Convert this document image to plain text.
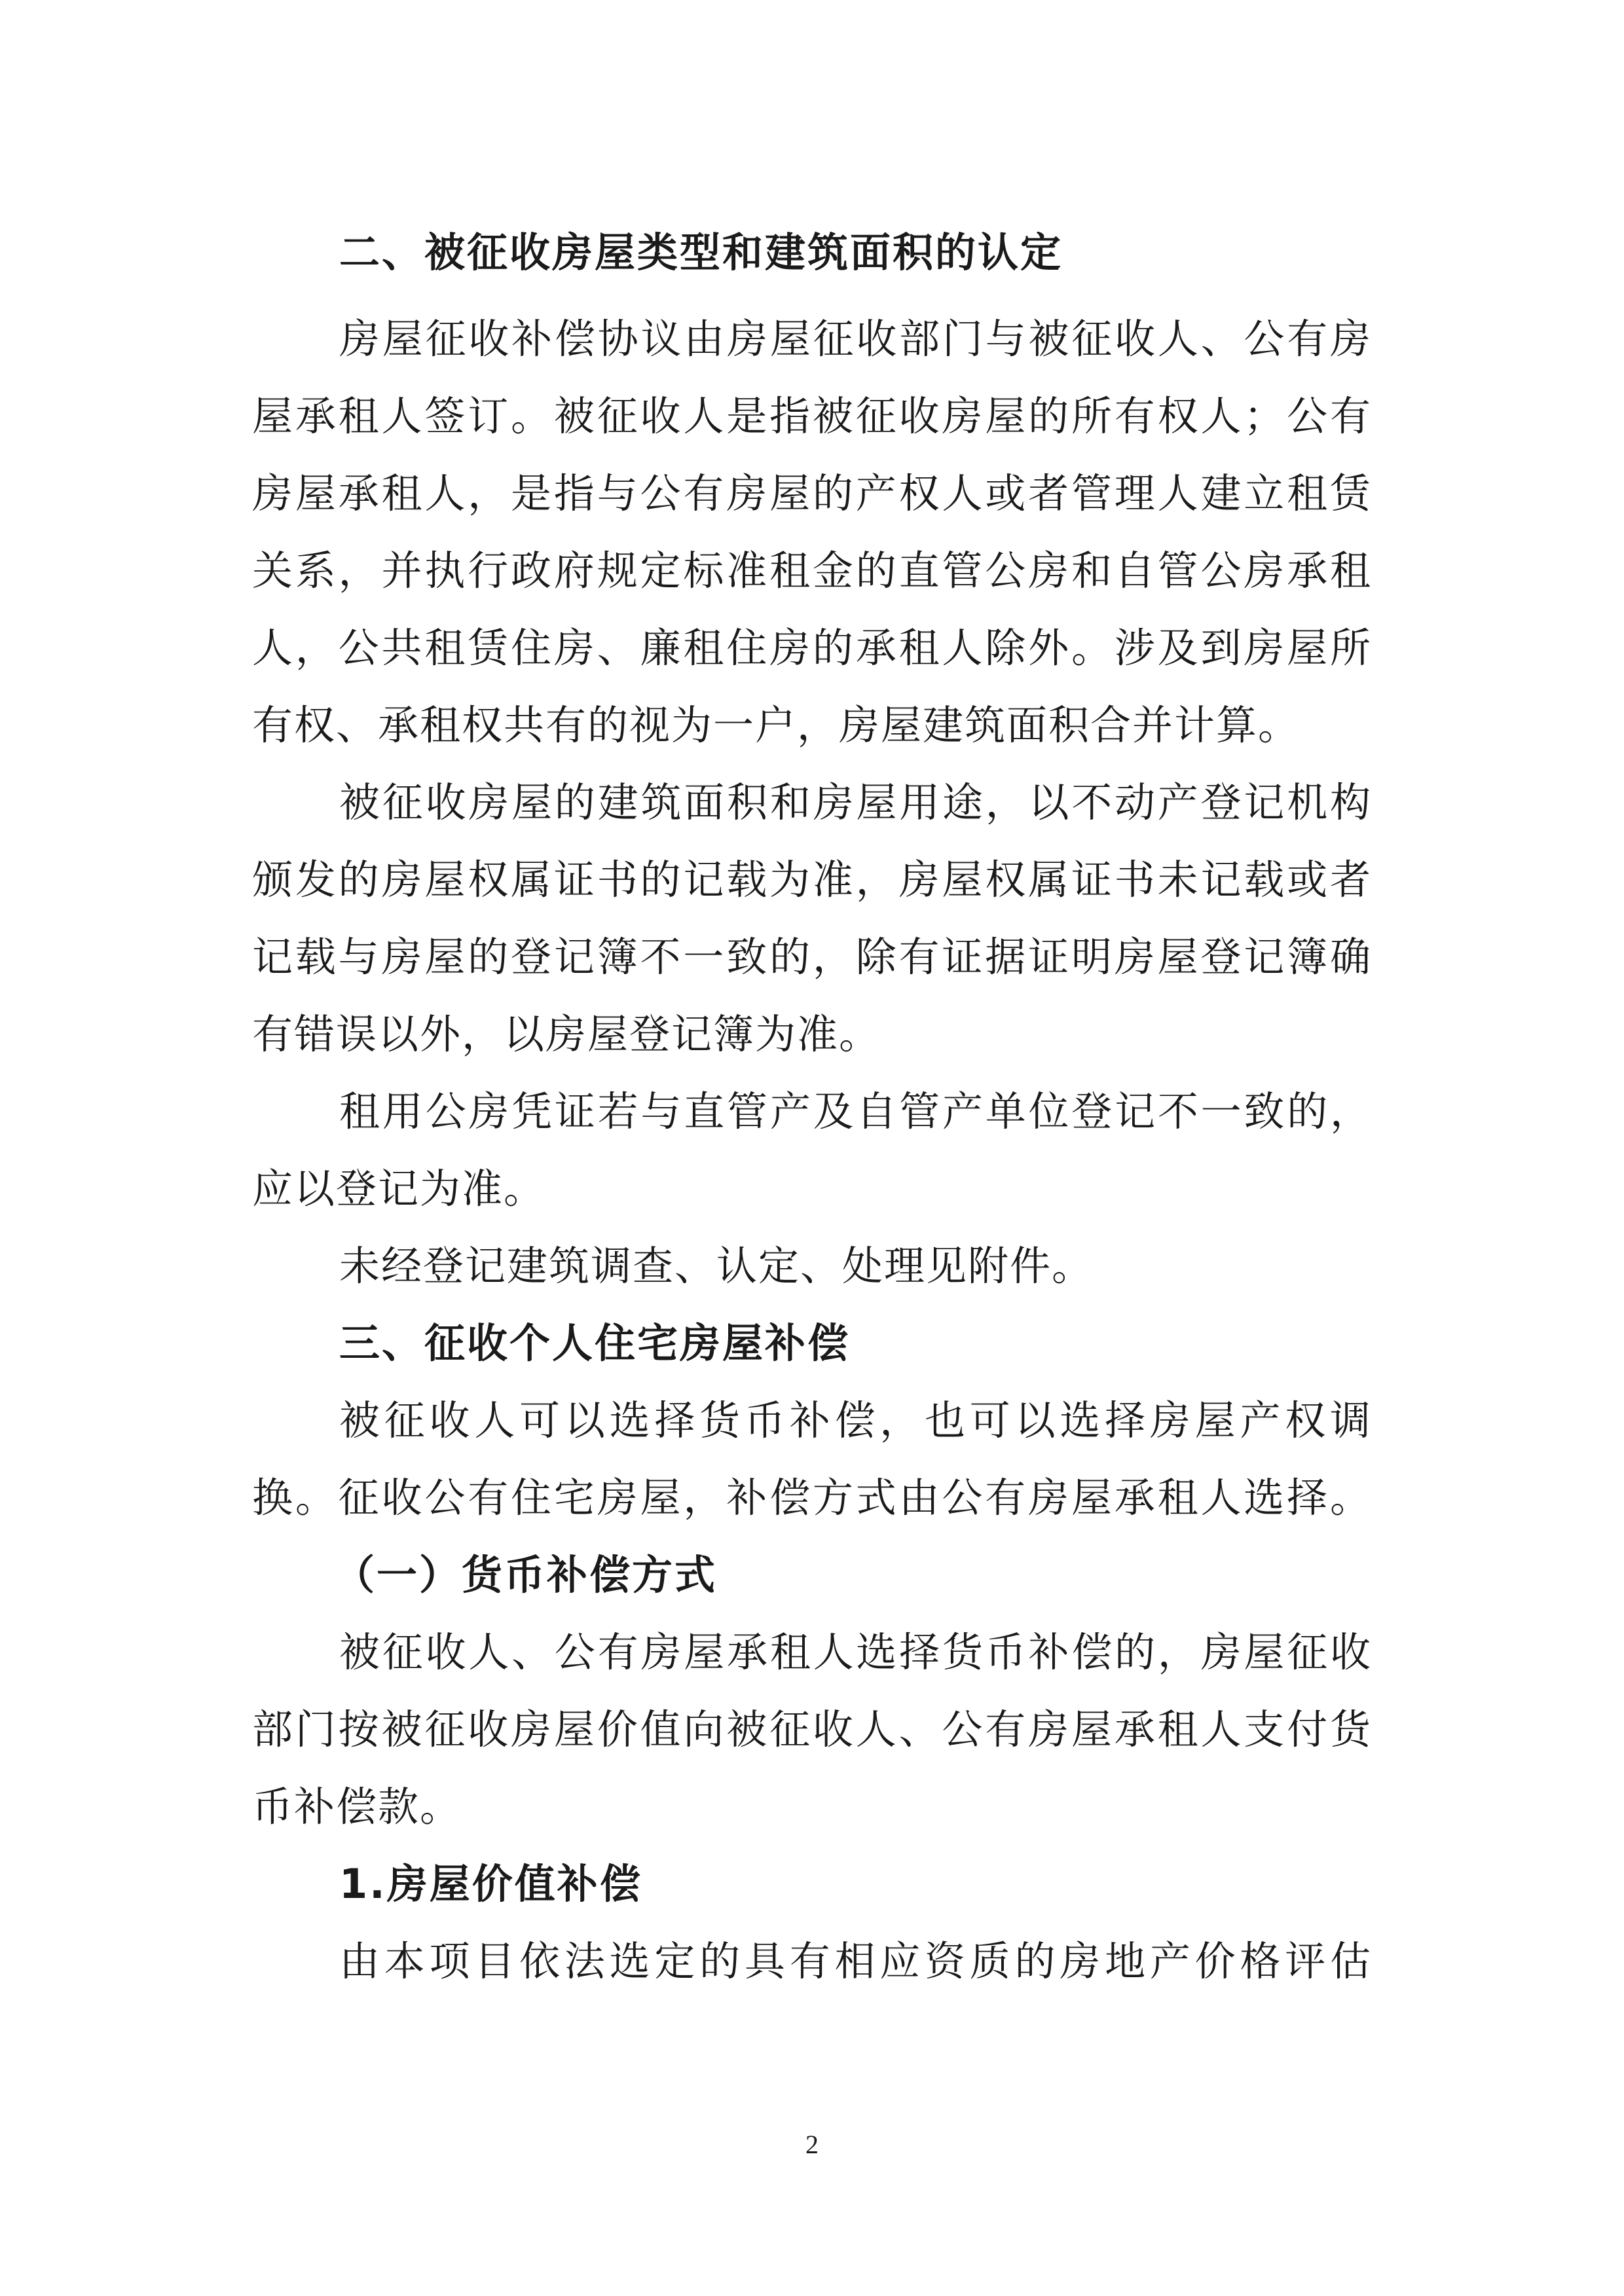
二、被征收房屋类型和建筑面积的认定
房屋征收补偿协议由房屋征收部门与被征收人、公有房
屋承租人签订。被征收人是指被征收房屋的所有权人；公有
房屋承租人，是指与公有房屋的产权人或者管理人建立租赁
关系，并执行政府规定标准租金的直管公房和自管公房承租
人，公共租赁住房、廉租住房的承租人除外。涉及到房屋所
有权、承租权共有的视为一户，房屋建筑面积合并计算。
被征收房屋的建筑面积和房屋用途，以不动产登记机构
颁发的房屋权属证书的记载为准，房屋权属证书未记载或者
记载与房屋的登记簿不一致的，除有证据证明房屋登记簿确
有错误以外，以房屋登记簿为准。
租用公房凭证若与直管产及自管产单位登记不一致的，
应以登记为准。
未经登记建筑调查、认定、处理见附件。
三、征收个人住宅房屋补偿
被征收人可以选择货币补偿，也可以选择房屋产权调
换。征收公有住宅房屋，补偿方式由公有房屋承租人选择。
（一）货币补偿方式
被征收人、公有房屋承租人选择货币补偿的，房屋征收
部门按被征收房屋价值向被征收人、公有房屋承租人支付货
币补偿款。
1.房屋价值补偿
由本项目依法选定的具有相应资质的房地产价格评估
2
